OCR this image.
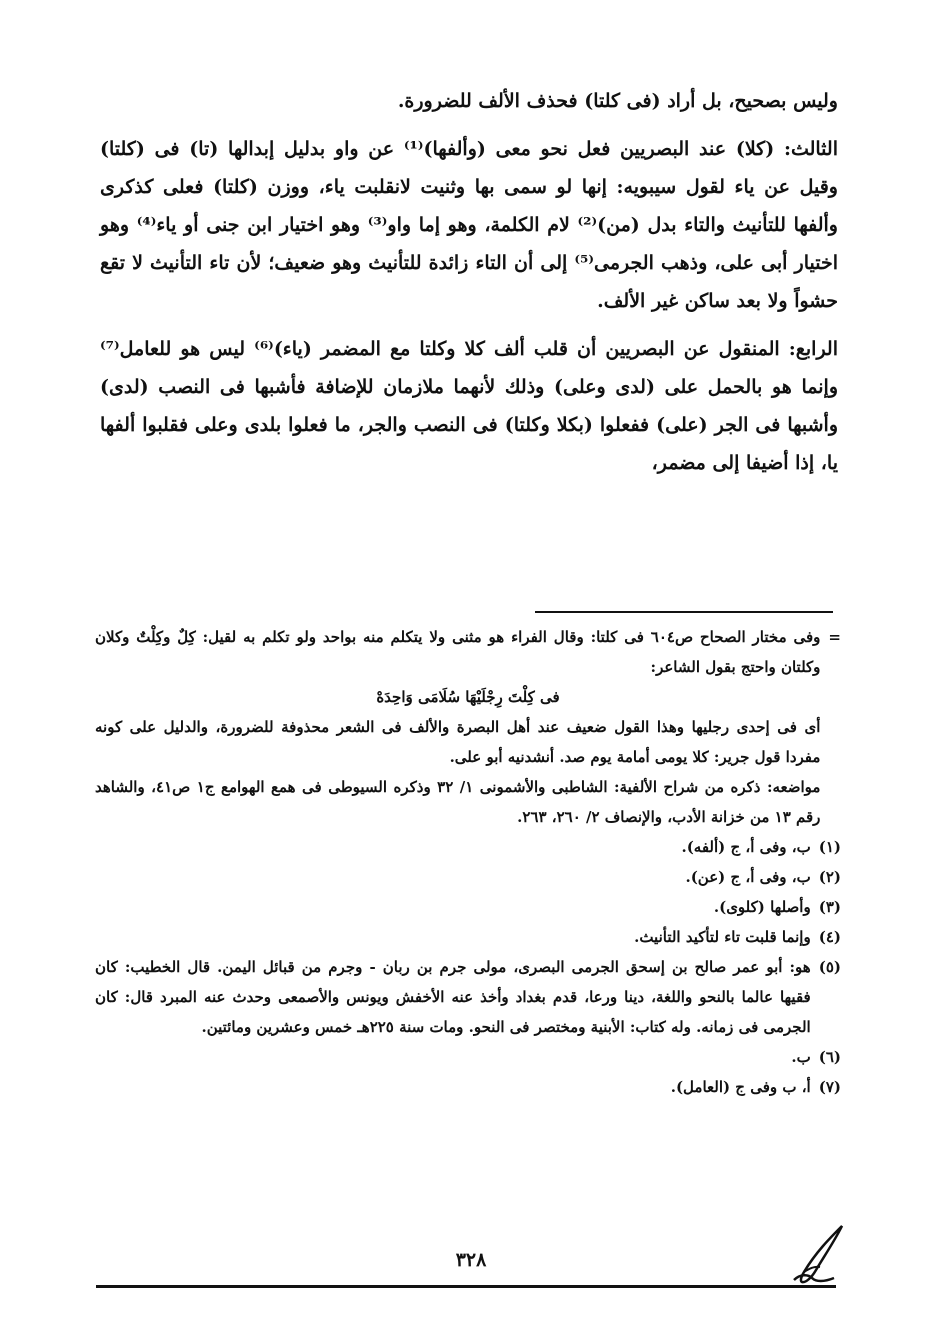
وليس بصحيح، بل أراد (فى كلتا) فحذف الألف للضرورة.

الثالث: (كلا) عند البصريين فعل نحو معى (وألفها)⁽¹⁾ عن واو بدليل إبدالها (تا) فى (كلتا) وقيل عن ياء لقول سيبويه: إنها لو سمى بها وثنيت لانقلبت ياء، ووزن (كلتا) فعلى كذكرى وألفها للتأنيث والتاء بدل (من)⁽²⁾ لام الكلمة، وهو إما واو⁽³⁾ وهو اختيار ابن جنى أو ياء⁽⁴⁾ وهو اختيار أبى على، وذهب الجرمى⁽⁵⁾ إلى أن التاء زائدة للتأنيث وهو ضعيف؛ لأن تاء التأنيث لا تقع حشواً ولا بعد ساكن غير الألف.

الرابع: المنقول عن البصريين أن قلب ألف كلا وكلتا مع المضمر (ياء)⁽⁶⁾ ليس هو للعامل⁽⁷⁾ وإنما هو بالحمل على (لدى وعلى) وذلك لأنهما ملازمان للإضافة فأشبها فى النصب (لدى) وأشبها فى الجر (على) ففعلوا (بكلا وكلتا) فى النصب والجر، ما فعلوا بلدى وعلى فقلبوا ألفها يا، إذا أضيفا إلى مضمر،

=
وفى مختار الصحاح ص٦٠٤ فى كلتا: وقال الفراء هو مثنى ولا يتكلم منه بواحد ولو تكلم به لقيل: كِلٌ وكِلْتٌ وكلان وكلتان واحتج بقول الشاعر:

فى كِلْتَ رِجْلَيْهَا سُلَامَى وَاحِدَهْ

أى فى إحدى رجليها وهذا القول ضعيف عند أهل البصرة والألف فى الشعر محذوفة للضرورة، والدليل على كونه مفردا قول جرير: كلا يومى أمامة يوم صد. أنشدنيه أبو على.
مواضعه: ذكره من شراح الألفية: الشاطبى والأشمونى ١/ ٣٢ وذكره السيوطى فى همع الهوامع ج١ ص٤١، والشاهد رقم ١٣ من خزانة الأدب، والإنصاف ٢/ ٢٦٠، ٢٦٣.
(١)
ب، وفى أ، ج (ألفه).
(٢)
ب، وفى أ، ج (عن).
(٣)
وأصلها (كلوى).
(٤)
وإنما قلبت تاء لتأكيد التأنيث.
(٥)
هو: أبو عمر صالح بن إسحق الجرمى البصرى، مولى جرم بن ربان - وجرم من قبائل اليمن. قال الخطيب: كان فقيها عالما بالنحو واللغة، دينا ورعا، قدم بغداد وأخذ عنه الأخفش ويونس والأصمعى وحدث عنه المبرد قال: كان الجرمى فى زمانه. وله كتاب: الأبنية ومختصر فى النحو. ومات سنة ٢٢٥هـ خمس وعشرين ومائتين.
(٦)
ب.
(٧)
أ، ب وفى ج (العامل).
٣٢٨
